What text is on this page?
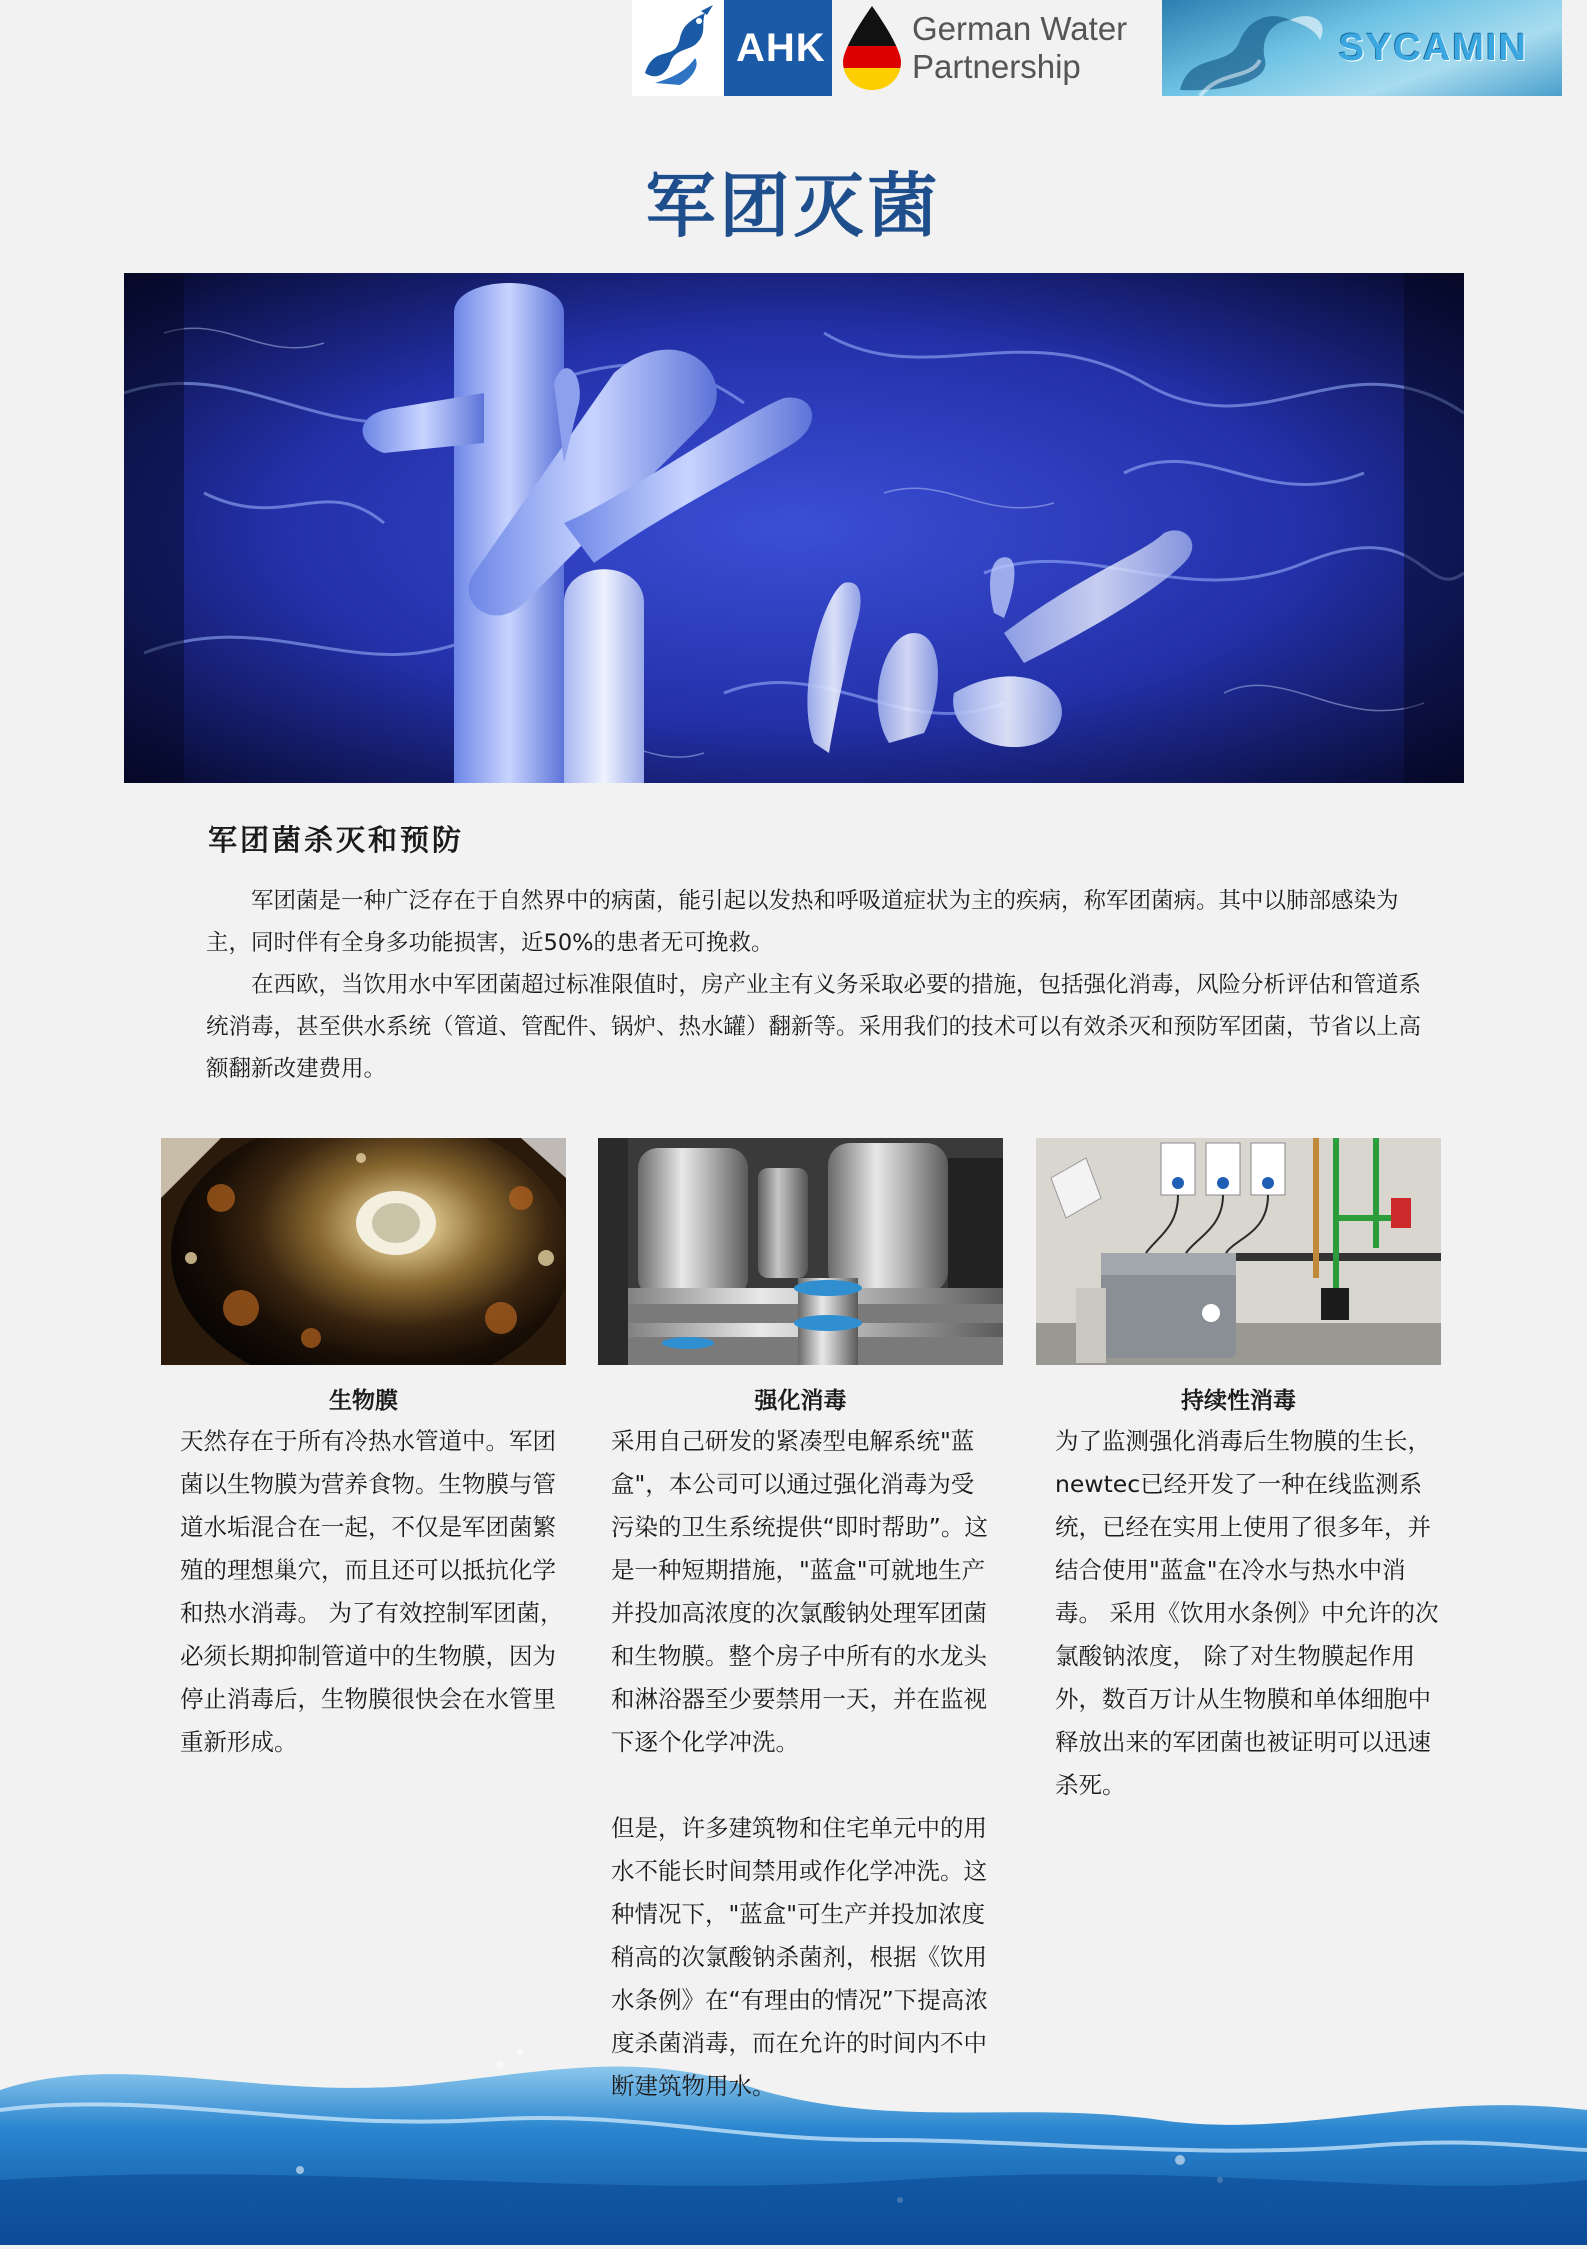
AHK	German Water
Partnership	SYCAMIN
军团灭菌
军团菌杀灭和预防

军团菌是一种广泛存在于自然界中的病菌，能引起以发热和呼吸道症状为主的疾病，称军团菌病。其中以肺部感染为主，同时伴有全身多功能损害，近50%的患者无可挽救。

在西欧，当饮用水中军团菌超过标准限值时，房产业主有义务采取必要的措施，包括强化消毒，风险分析评估和管道系统消毒，甚至供水系统（管道、管配件、锅炉、热水罐）翻新等。采用我们的技术可以有效杀灭和预防军团菌，节省以上高额翻新改建费用。

生物膜

天然存在于所有冷热水管道中。军团菌以生物膜为营养食物。生物膜与管道水垢混合在一起，不仅是军团菌繁殖的理想巢穴，而且还可以抵抗化学和热水消毒。 为了有效控制军团菌，必须长期抑制管道中的生物膜，因为停止消毒后，生物膜很快会在水管里重新形成。

强化消毒

采用自己研发的紧凑型电解系统"蓝盒"，本公司可以通过强化消毒为受污染的卫生系统提供“即时帮助”。这是一种短期措施，"蓝盒"可就地生产并投加高浓度的次氯酸钠处理军团菌和生物膜。整个房子中所有的水龙头和淋浴器至少要禁用一天，并在监视下逐个化学冲洗。

但是，许多建筑物和住宅单元中的用水不能长时间禁用或作化学冲洗。这种情况下，"蓝盒"可生产并投加浓度稍高的次氯酸钠杀菌剂，根据《饮用水条例》在“有理由的情况”下提高浓度杀菌消毒，而在允许的时间内不中断建筑物用水。

持续性消毒

为了监测强化消毒后生物膜的生长，newtec已经开发了一种在线监测系统，已经在实用上使用了很多年，并结合使用"蓝盒"在冷水与热水中消毒。 采用《饮用水条例》中允许的次氯酸钠浓度， 除了对生物膜起作用外，数百万计从生物膜和单体细胞中释放出来的军团菌也被证明可以迅速杀死。
